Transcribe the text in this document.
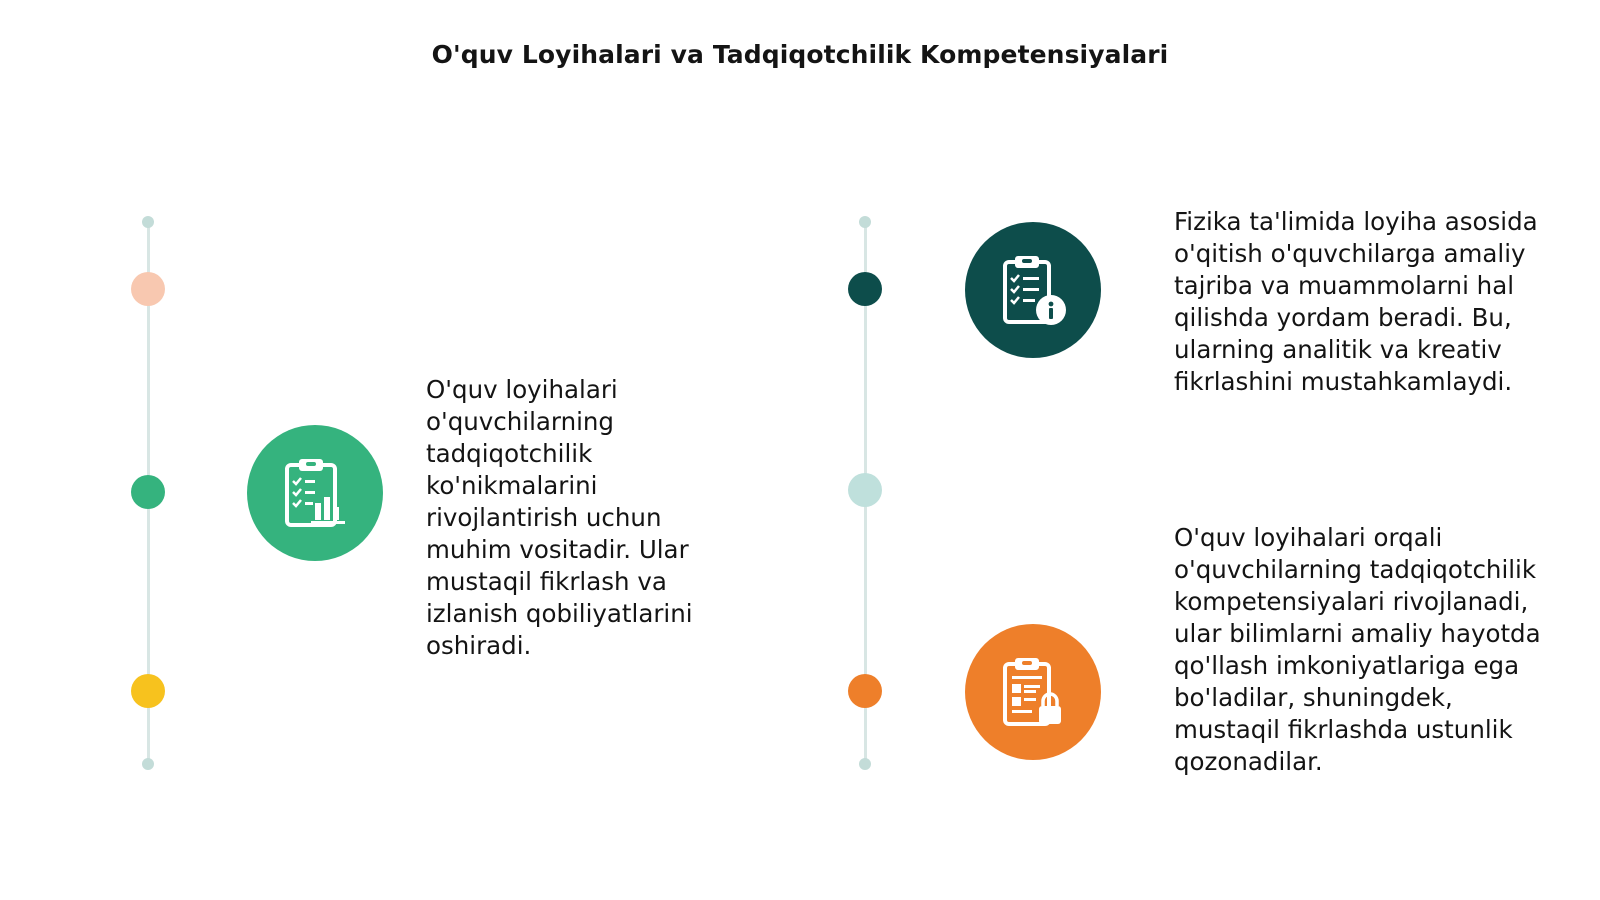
O'quv Loyihalari va Tadqiqotchilik Kompetensiyalari
O'quv loyihalari o'quvchilarning tadqiqotchilik ko'nikmalarini rivojlantirish uchun muhim vositadir. Ular mustaqil fikrlash va izlanish qobiliyatlarini oshiradi.
Fizika ta'limida loyiha asosida o'qitish o'quvchilarga amaliy tajriba va muammolarni hal qilishda yordam beradi. Bu, ularning analitik va kreativ fikrlashini mustahkamlaydi.
O'quv loyihalari orqali o'quvchilarning tadqiqotchilik kompetensiyalari rivojlanadi, ular bilimlarni amaliy hayotda qo'llash imkoniyatlariga ega bo'ladilar, shuningdek, mustaqil fikrlashda ustunlik qozonadilar.
